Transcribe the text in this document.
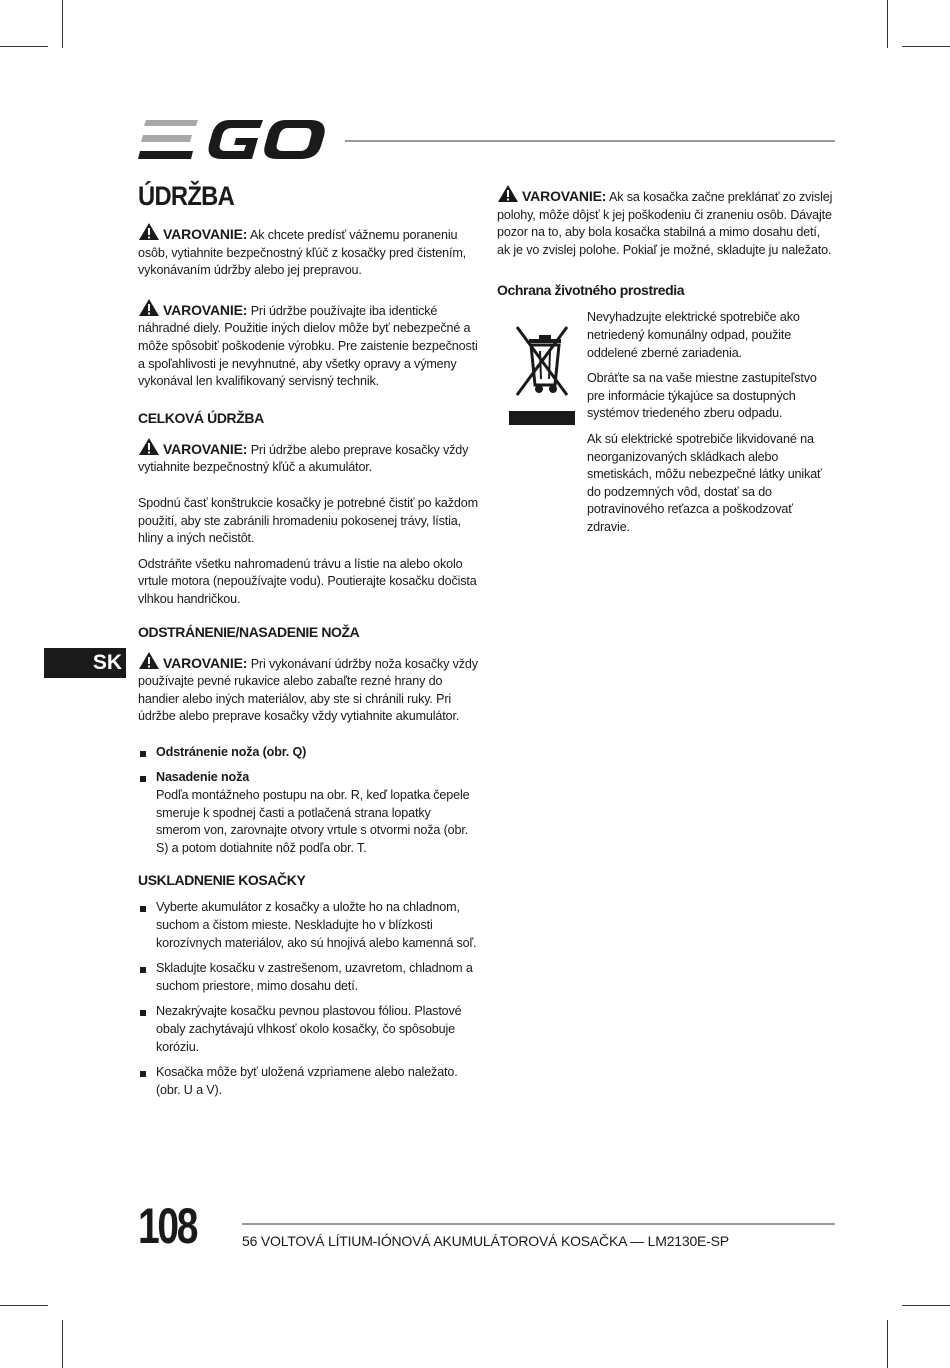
ÚDRŽBA
VAROVANIE: Ak chcete predísť vážnemu poraneniu osôb, vytiahnite bezpečnostný kľúč z kosačky pred čistením, vykonávaním údržby alebo jej prepravou.
VAROVANIE: Pri údržbe používajte iba identické náhradné diely. Použitie iných dielov môže byť nebezpečné a môže spôsobiť poškodenie výrobku. Pre zaistenie bezpečnosti a spoľahlivosti je nevyhnutné, aby všetky opravy a výmeny vykonával len kvalifikovaný servisný technik.
CELKOVÁ ÚDRŽBA
VAROVANIE: Pri údržbe alebo preprave kosačky vždy vytiahnite bezpečnostný kľúč a akumulátor.
Spodnú časť konštrukcie kosačky je potrebné čistiť po každom použití, aby ste zabránili hromadeniu pokosenej trávy, lístia, hliny a iných nečistôt.
Odstráňte všetku nahromadenú trávu a lístie na alebo okolo vrtule motora (nepoužívajte vodu). Poutierajte kosačku dočista vlhkou handričkou.
ODSTRÁNENIE/NASADENIE NOŽA
VAROVANIE: Pri vykonávaní údržby noža kosačky vždy používajte pevné rukavice alebo zabaľte rezné hrany do handier alebo iných materiálov, aby ste si chránili ruky. Pri údržbe alebo preprave kosačky vždy vytiahnite akumulátor.
Odstránenie noža (obr. Q)
Nasadenie noža
Podľa montážneho postupu na obr. R, keď lopatka čepele smeruje k spodnej časti a potlačená strana lopatky smerom von, zarovnajte otvory vrtule s otvormi noža (obr. S) a potom dotiahnite nôž podľa obr. T.
USKLADNENIE KOSAČKY
Vyberte akumulátor z kosačky a uložte ho na chladnom, suchom a čistom mieste. Neskladujte ho v blízkosti korozívnych materiálov, ako sú hnojivá alebo kamenná soľ.
Skladujte kosačku v zastrešenom, uzavretom, chladnom a suchom priestore, mimo dosahu detí.
Nezakrývajte kosačku pevnou plastovou fóliou. Plastové obaly zachytávajú vlhkosť okolo kosačky, čo spôsobuje koróziu.
Kosačka môže byť uložená vzpriamene alebo naležato. (obr. U a V).
VAROVANIE: Ak sa kosačka začne prekláпať zo zvislej polohy, môže dôjsť k jej poškodeniu či zraneniu osôb. Dávajte pozor na to, aby bola kosačka stabilná a mimo dosahu detí, ak je vo zvislej polohe. Pokiaľ je možné, skladujte ju naležato.
Ochrana životného prostredia
Nevyhadzujte elektrické spotrebiče ako netriedený komunálny odpad, použite oddelené zberné zariadenia.
Obráťte sa na vaše miestne zastupiteľstvo pre informácie týkajúce sa dostupných systémov triedeného zberu odpadu.
Ak sú elektrické spotrebiče likvidované na neorganizovaných skládkach alebo smetiskách, môžu nebezpečné látky unikať do podzemných vôd, dostať sa do potravinového reťazca a poškodzovať zdravie.
SK
108	56 VOLTOVÁ LÍTIUM-IÓNOVÁ AKUMULÁTOROVÁ KOSAČKA — LM2130E-SP
